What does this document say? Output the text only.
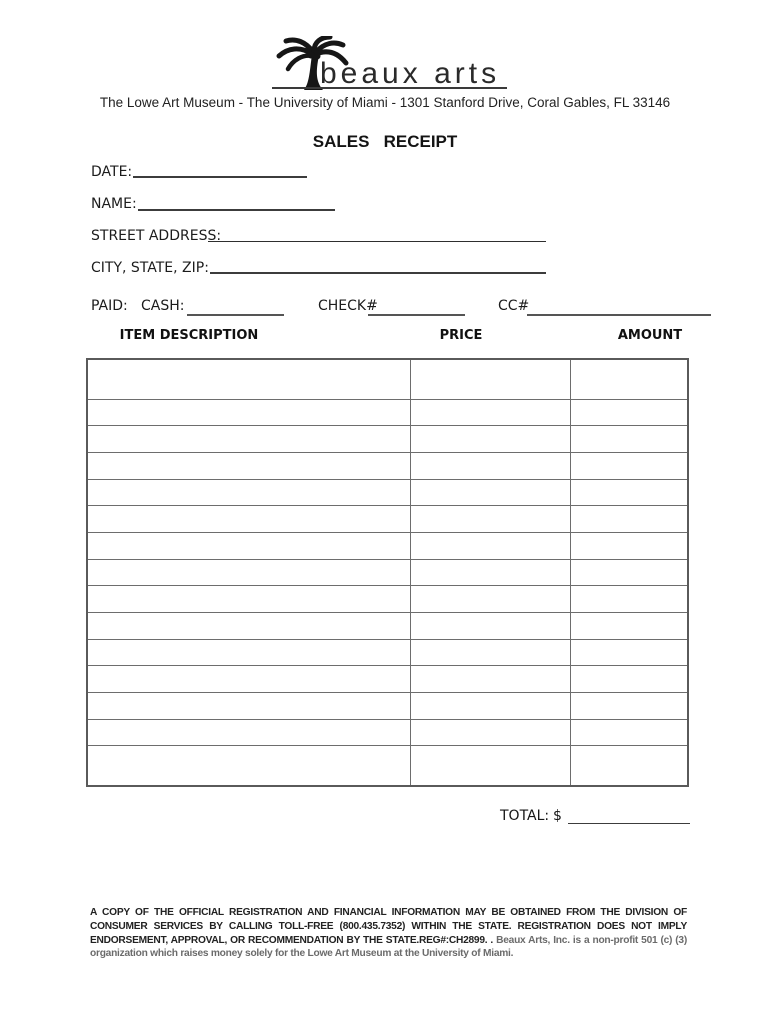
beaux arts
The Lowe Art Museum - The University of Miami - 1301 Stanford Drive, Coral Gables, FL 33146
SALES   RECEIPT
DATE:
NAME:
STREET ADDRESS:
CITY, STATE, ZIP:
PAID: CASH:	CHECK#	CC#
ITEM DESCRIPTION	PRICE	AMOUNT

TOTAL: $

A COPY OF THE OFFICIAL REGISTRATION AND FINANCIAL INFORMATION MAY BE OBTAINED FROM THE DIVISION OF CONSUMER SERVICES BY CALLING TOLL-FREE (800.435.7352) WITHIN THE STATE. REGISTRATION DOES NOT IMPLY ENDORSEMENT, APPROVAL, OR RECOMMENDATION BY THE STATE.REG#:CH2899. . Beaux Arts, Inc. is a non-profit 501 (c) (3) organization which raises money solely for the Lowe Art Museum at the University of Miami.
